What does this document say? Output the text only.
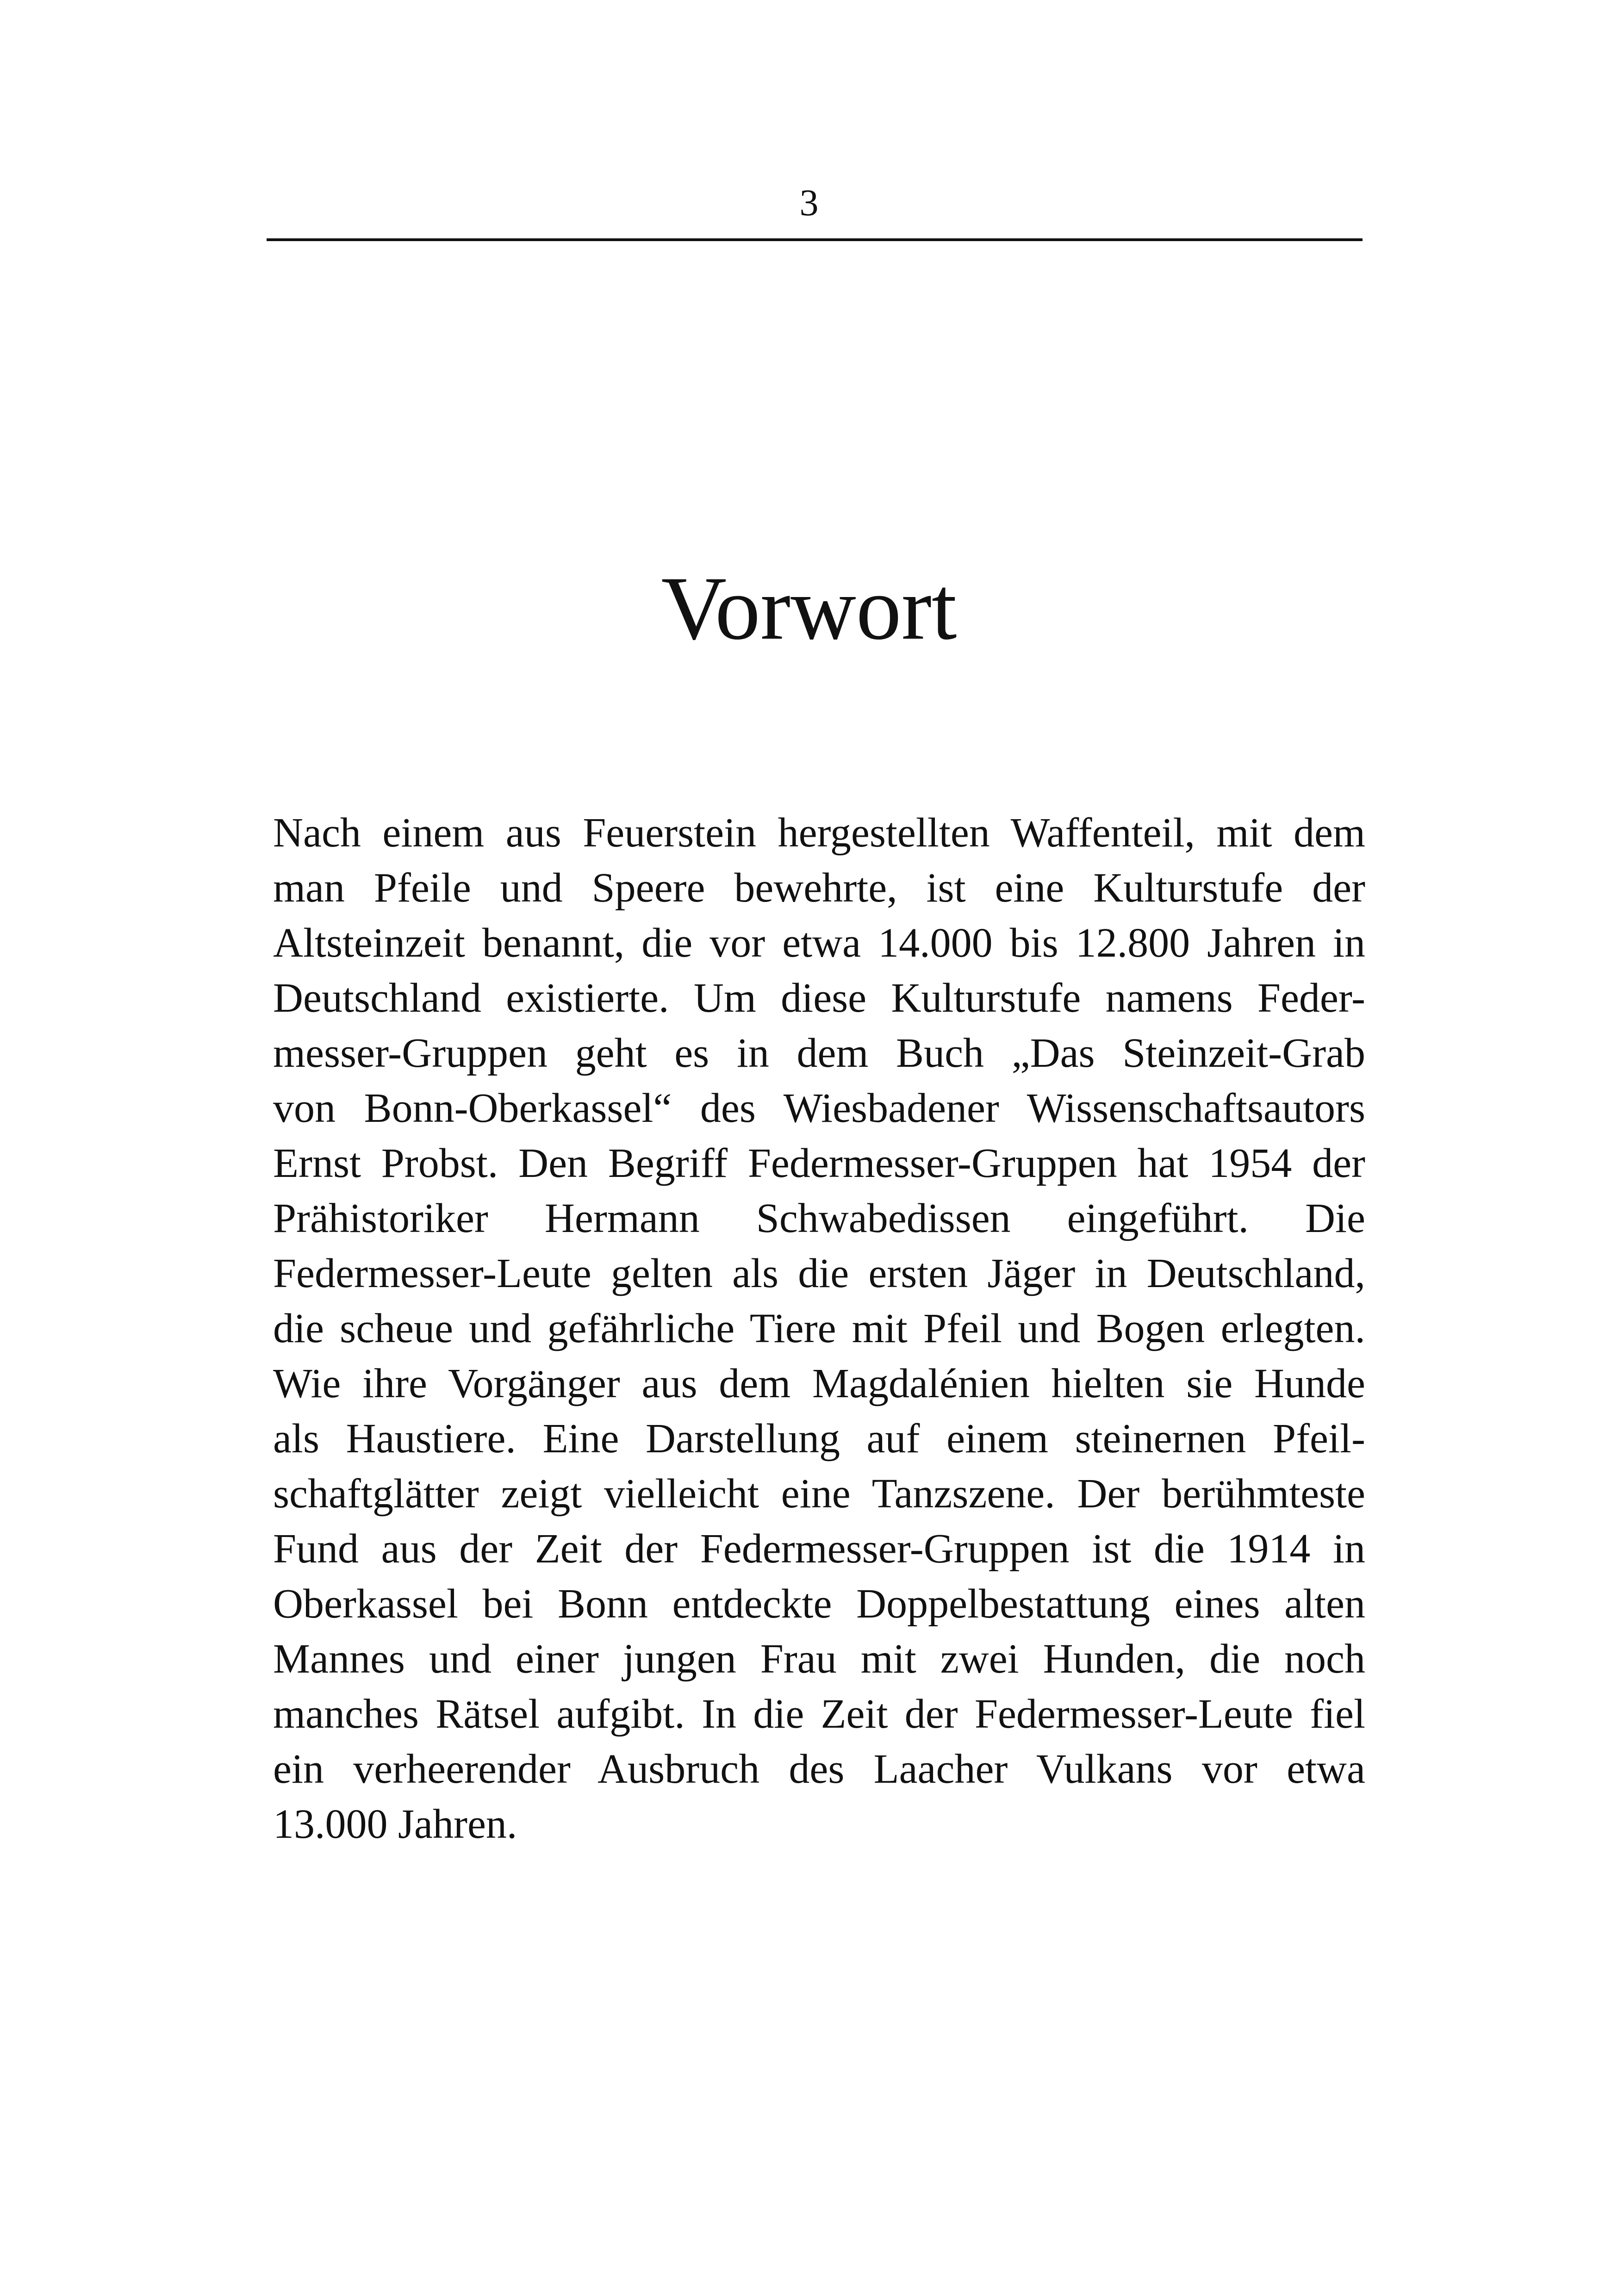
3
Vorwort
Nach einem aus Feuerstein hergestellten Waffenteil, mit dem
man Pfeile und Speere bewehrte, ist eine Kulturstufe der
Altsteinzeit benannt, die vor etwa 14.000 bis 12.800 Jahren in
Deutschland existierte. Um diese Kulturstufe namens Feder-
messer-Gruppen geht es in dem Buch „Das Steinzeit-Grab
von Bonn-Oberkassel“ des Wiesbadener Wissenschaftsautors
Ernst Probst. Den Begriff Federmesser-Gruppen hat 1954 der
Prähistoriker Hermann Schwabedissen eingeführt. Die
Federmesser-Leute gelten als die ersten Jäger in Deutschland,
die scheue und gefährliche Tiere mit Pfeil und Bogen erlegten.
Wie ihre Vorgänger aus dem Magdalénien hielten sie Hunde
als Haustiere. Eine Darstellung auf einem steinernen Pfeil-
schaftglätter zeigt vielleicht eine Tanzszene. Der berühmteste
Fund aus der Zeit der Federmesser-Gruppen ist die 1914 in
Oberkassel bei Bonn entdeckte Doppelbestattung eines alten
Mannes und einer jungen Frau mit zwei Hunden, die noch
manches Rätsel aufgibt. In die Zeit der Federmesser-Leute fiel
ein verheerender Ausbruch des Laacher Vulkans vor etwa
13.000 Jahren.
